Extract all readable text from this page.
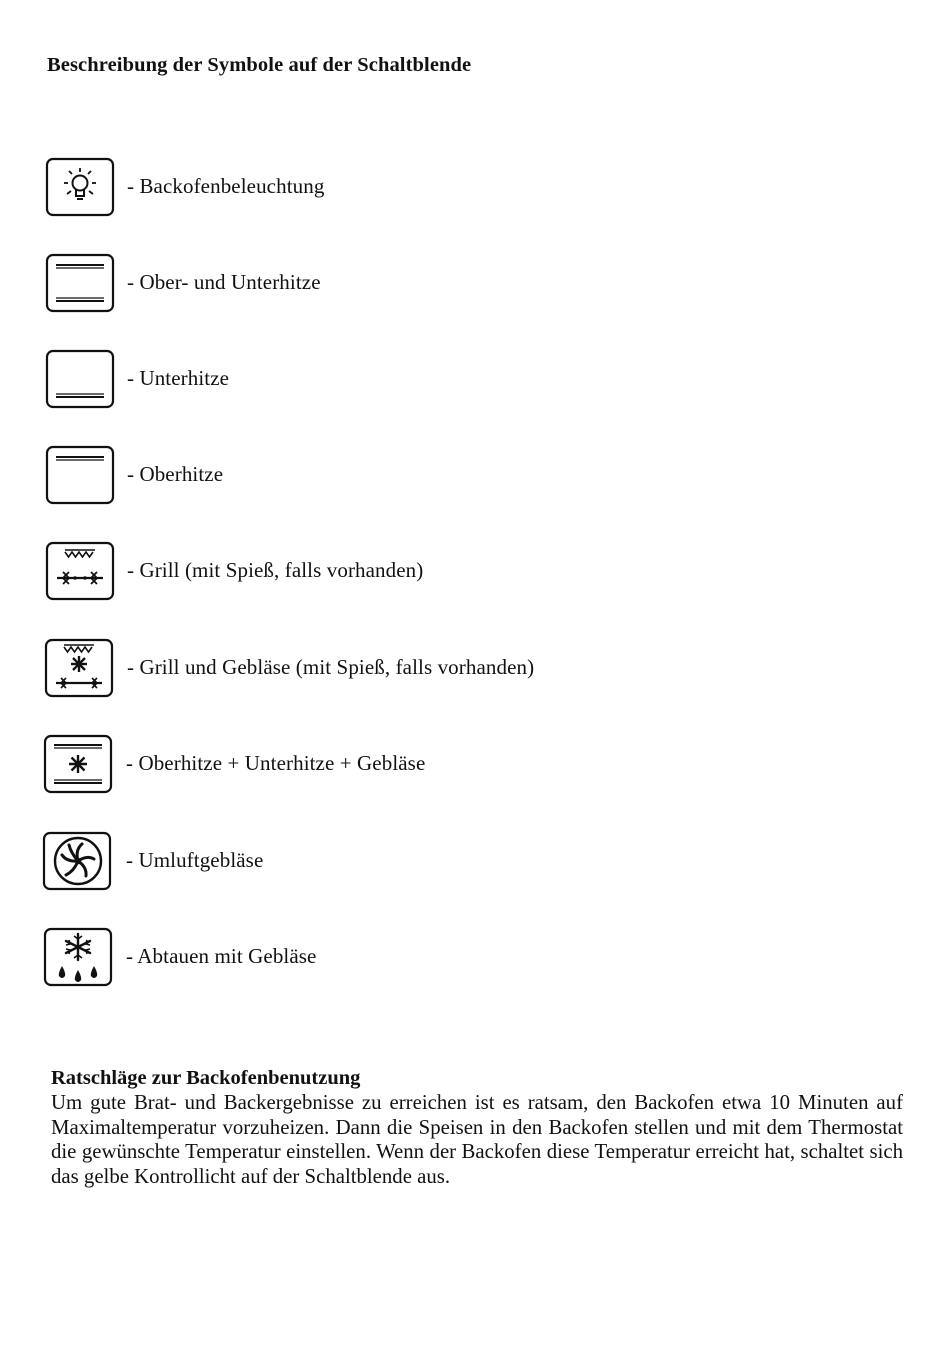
Beschreibung der Symbole auf der Schaltblende
- Backofenbeleuchtung
- Ober- und Unterhitze
- Unterhitze
- Oberhitze
- Grill (mit Spieß, falls vorhanden)
- Grill und Gebläse (mit Spieß, falls vorhanden)
- Oberhitze + Unterhitze + Gebläse
- Umluftgebläse
- Abtauen mit Gebläse
Ratschläge zur Backofenbenutzung

Um gute Brat- und Backergebnisse zu erreichen ist es ratsam, den Backofen etwa 10 Minuten auf Maximaltemperatur vorzuheizen. Dann die Speisen in den Backofen stellen und mit dem Thermostat die gewünschte Temperatur einstellen. Wenn der Backofen diese Temperatur erreicht hat, schaltet sich das gelbe Kontrollicht auf der Schaltblende aus.
